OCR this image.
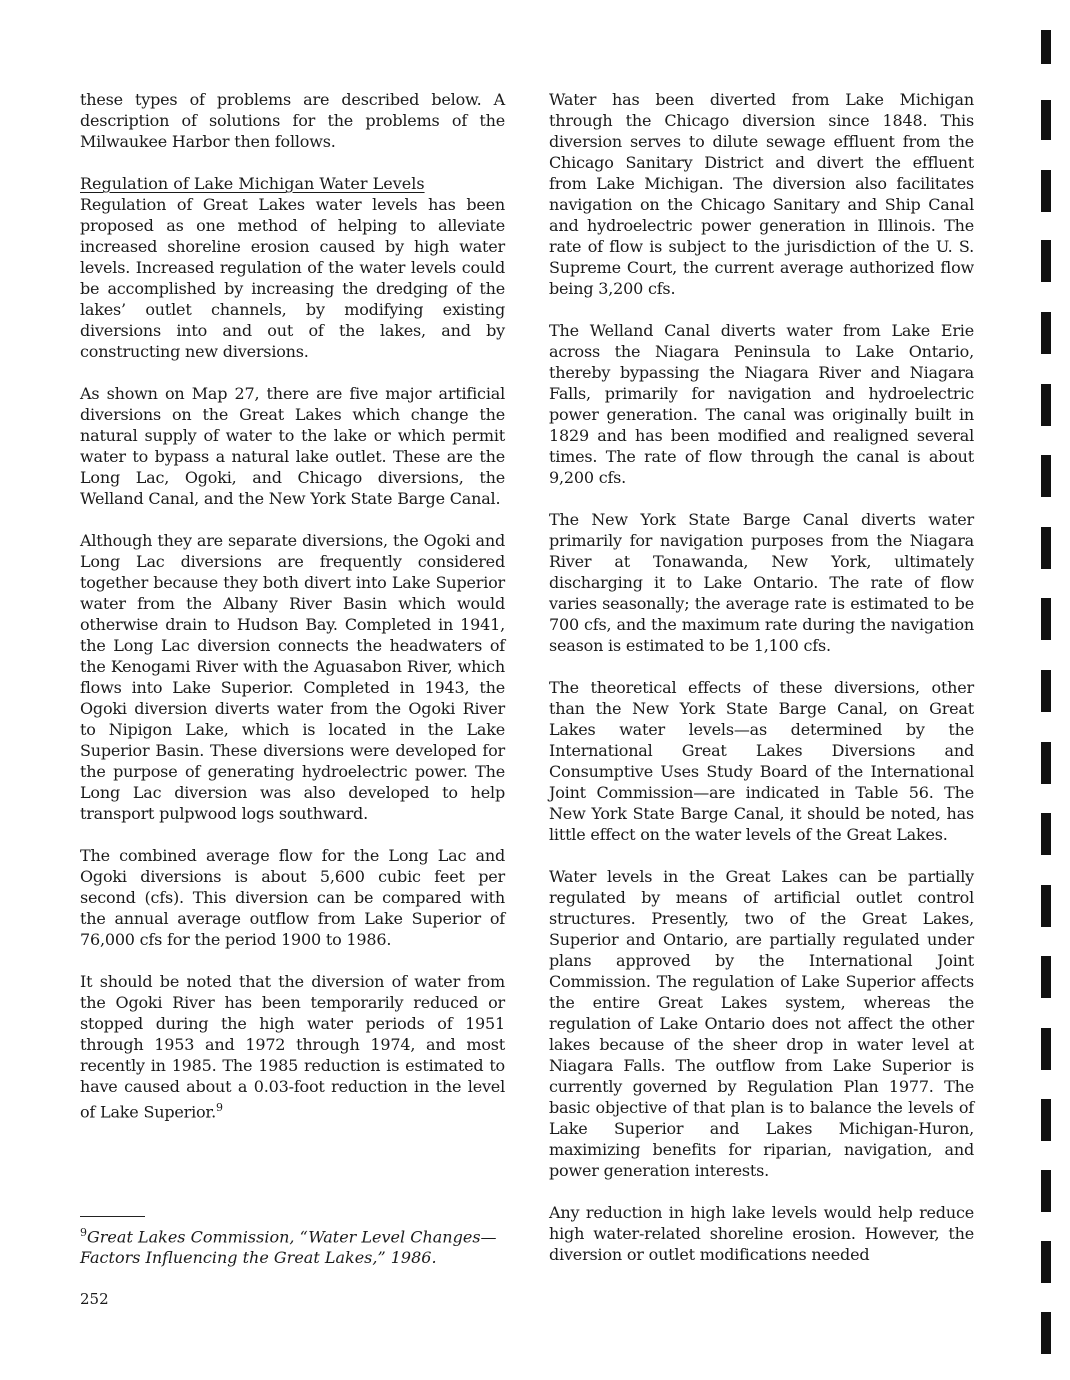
these types of problems are described below. A description of solutions for the problems of the Milwaukee Harbor then follows.

Regulation of Lake Michigan Water Levels

Regulation of Great Lakes water levels has been proposed as one method of helping to alleviate increased shoreline erosion caused by high water levels. Increased regulation of the water levels could be accomplished by increasing the dredging of the lakes’ outlet channels, by modifying existing diversions into and out of the lakes, and by constructing new diversions.

As shown on Map 27, there are five major artificial diversions on the Great Lakes which change the natural supply of water to the lake or which permit water to bypass a natural lake outlet. These are the Long Lac, Ogoki, and Chicago diversions, the Welland Canal, and the New York State Barge Canal.

Although they are separate diversions, the Ogoki and Long Lac diversions are frequently considered together because they both divert into Lake Superior water from the Albany River Basin which would otherwise drain to Hudson Bay. Completed in 1941, the Long Lac diversion connects the headwaters of the Kenogami River with the Aguasabon River, which flows into Lake Superior. Completed in 1943, the Ogoki diversion diverts water from the Ogoki River to Nipigon Lake, which is located in the Lake Superior Basin. These diversions were developed for the purpose of generating hydroelectric power. The Long Lac diversion was also developed to help transport pulpwood logs southward.

The combined average flow for the Long Lac and Ogoki diversions is about 5,600 cubic feet per second (cfs). This diversion can be compared with the annual average outflow from Lake Superior of 76,000 cfs for the period 1900 to 1986.

It should be noted that the diversion of water from the Ogoki River has been temporarily reduced or stopped during the high water periods of 1951 through 1953 and 1972 through 1974, and most recently in 1985. The 1985 reduction is estimated to have caused about a 0.03-foot reduction in the level of Lake Superior.$^9$

Water has been diverted from Lake Michigan through the Chicago diversion since 1848. This diversion serves to dilute sewage effluent from the Chicago Sanitary District and divert the effluent from Lake Michigan. The diversion also facilitates navigation on the Chicago Sanitary and Ship Canal and hydroelectric power generation in Illinois. The rate of flow is subject to the jurisdiction of the U. S. Supreme Court, the current average authorized flow being 3,200 cfs.

The Welland Canal diverts water from Lake Erie across the Niagara Peninsula to Lake Ontario, thereby bypassing the Niagara River and Niagara Falls, primarily for navigation and hydroelectric power generation. The canal was originally built in 1829 and has been modified and realigned several times. The rate of flow through the canal is about 9,200 cfs.

The New York State Barge Canal diverts water primarily for navigation purposes from the Niagara River at Tonawanda, New York, ultimately discharging it to Lake Ontario. The rate of flow varies seasonally; the average rate is estimated to be 700 cfs, and the maximum rate during the navigation season is estimated to be 1,100 cfs.

The theoretical effects of these diversions, other than the New York State Barge Canal, on Great Lakes water levels—as determined by the International Great Lakes Diversions and Consumptive Uses Study Board of the International Joint Commission—are indicated in Table 56. The New York State Barge Canal, it should be noted, has little effect on the water levels of the Great Lakes.

Water levels in the Great Lakes can be partially regulated by means of artificial outlet control structures. Presently, two of the Great Lakes, Superior and Ontario, are partially regulated under plans approved by the International Joint Commission. The regulation of Lake Superior affects the entire Great Lakes system, whereas the regulation of Lake Ontario does not affect the other lakes because of the sheer drop in water level at Niagara Falls. The outflow from Lake Superior is currently governed by Regulation Plan 1977. The basic objective of that plan is to balance the levels of Lake Superior and Lakes Michigan-Huron, maximizing benefits for riparian, navigation, and power generation interests.

Any reduction in high lake levels would help reduce high water-related shoreline erosion. However, the diversion or outlet modifications needed

$^9$Great Lakes Commission, “Water Level Changes—Factors Influencing the Great Lakes,” 1986.

252
